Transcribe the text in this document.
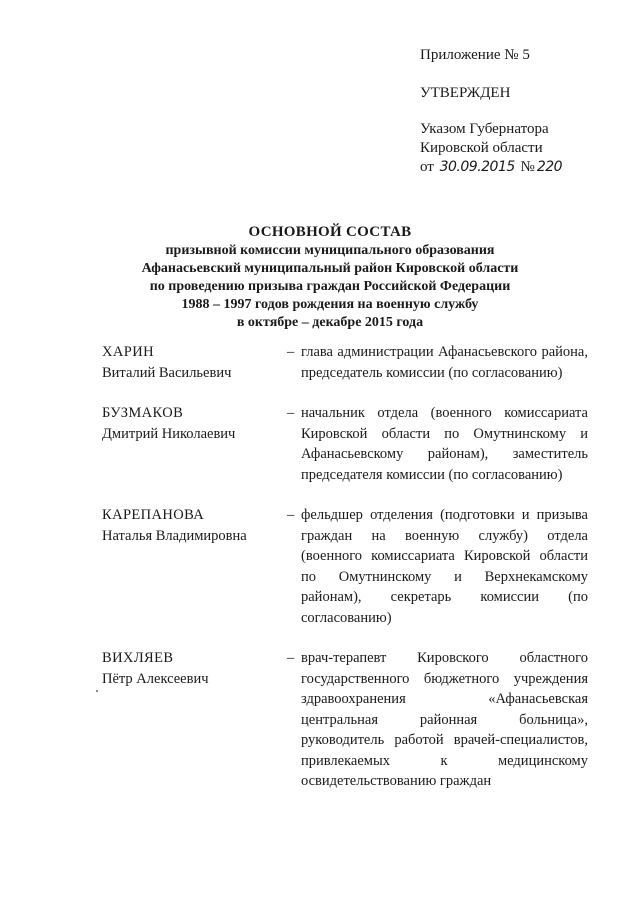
Приложение № 5
УТВЕРЖДЕН
Указом Губернатора
Кировской области
от 30.09.2015 № 220
ОСНОВНОЙ СОСТАВ
призывной комиссии муниципального образования
Афанасьевский муниципальный район Кировской области
по проведению призыва граждан Российской Федерации
1988 – 1997 годов рождения на военную службу
в октябре – декабре 2015 года
ХАРИН
Виталий Васильевич
– глава администрации Афанасьевского района, председатель комиссии (по согласованию)
БУЗМАКОВ
Дмитрий Николаевич
– начальник отдела (военного комиссариата Кировской области по Омутнинскому и Афанасьевскому районам), заместитель председателя комиссии (по согласованию)
КАРЕПАНОВА
Наталья Владимировна
– фельдшер отделения (подготовки и призыва граждан на военную службу) отдела (военного комиссариата Кировской области по Омутнинскому и Верхнекамскому районам), секретарь комиссии (по согласованию)
ВИХЛЯЕВ
Пётр Алексеевич
– врач-терапевт Кировского областного государственного бюджетного учреждения здравоохранения «Афанасьевская центральная районная больница», руководитель работой врачей-специалистов, привлекаемых к медицинскому освидетельствованию граждан
